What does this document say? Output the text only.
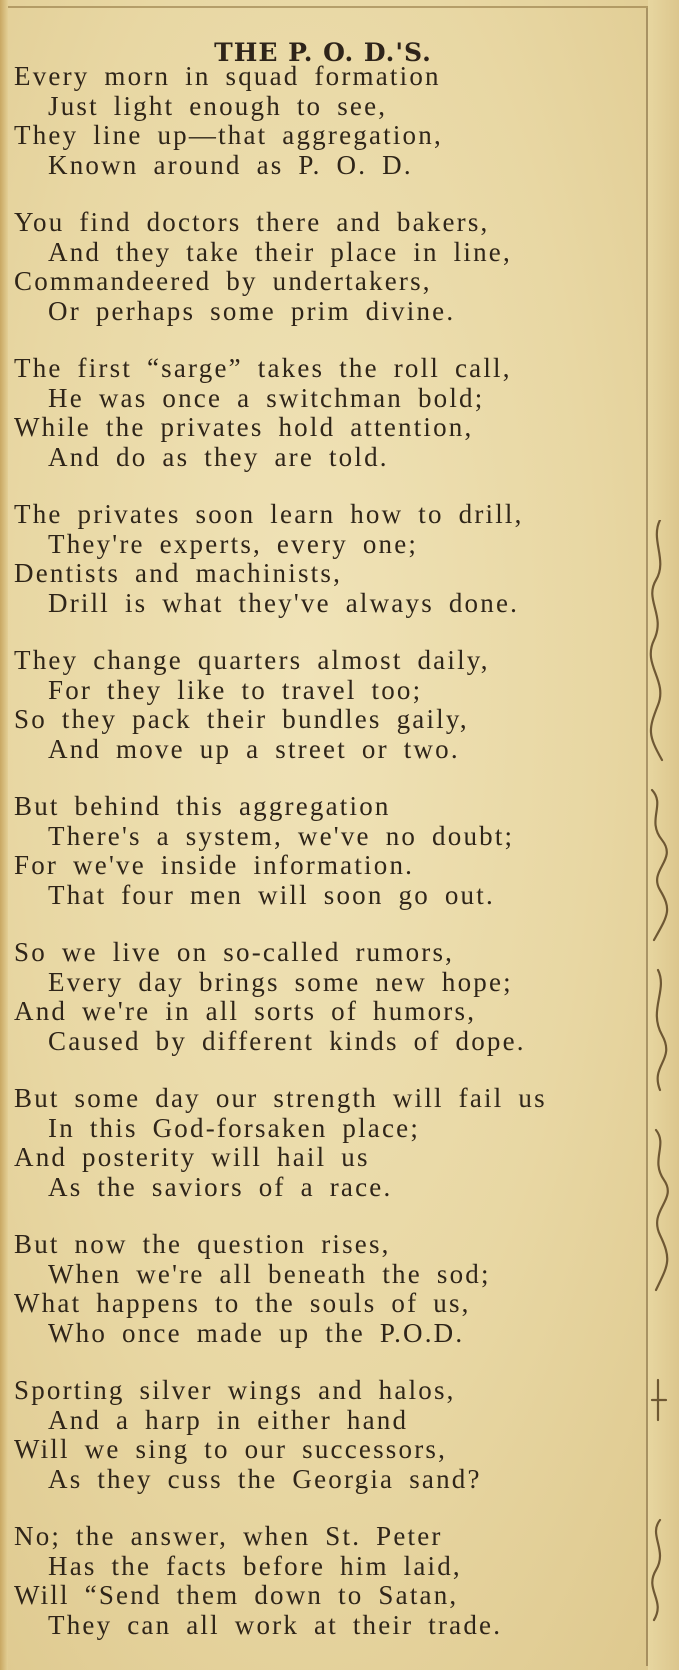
THE P. O. D.'S.

Every morn in squad formation
Just light enough to see,
They line up—that aggregation,
Known around as P. O. D.

You find doctors there and bakers,
And they take their place in line,
Commandeered by undertakers,
Or perhaps some prim divine.

The first “sarge” takes the roll call,
He was once a switchman bold;
While the privates hold attention,
And do as they are told.

The privates soon learn how to drill,
They're experts, every one;
Dentists and machinists,
Drill is what they've always done.

They change quarters almost daily,
For they like to travel too;
So they pack their bundles gaily,
And move up a street or two.

But behind this aggregation
There's a system, we've no doubt;
For we've inside information.
That four men will soon go out.

So we live on so-called rumors,
Every day brings some new hope;
And we're in all sorts of humors,
Caused by different kinds of dope.

But some day our strength will fail us
In this God-forsaken place;
And posterity will hail us
As the saviors of a race.

But now the question rises,
When we're all beneath the sod;
What happens to the souls of us,
Who once made up the P.O.D.

Sporting silver wings and halos,
And a harp in either hand
Will we sing to our successors,
As they cuss the Georgia sand?

No; the answer, when St. Peter
Has the facts before him laid,
Will “Send them down to Satan,
They can all work at their trade.
